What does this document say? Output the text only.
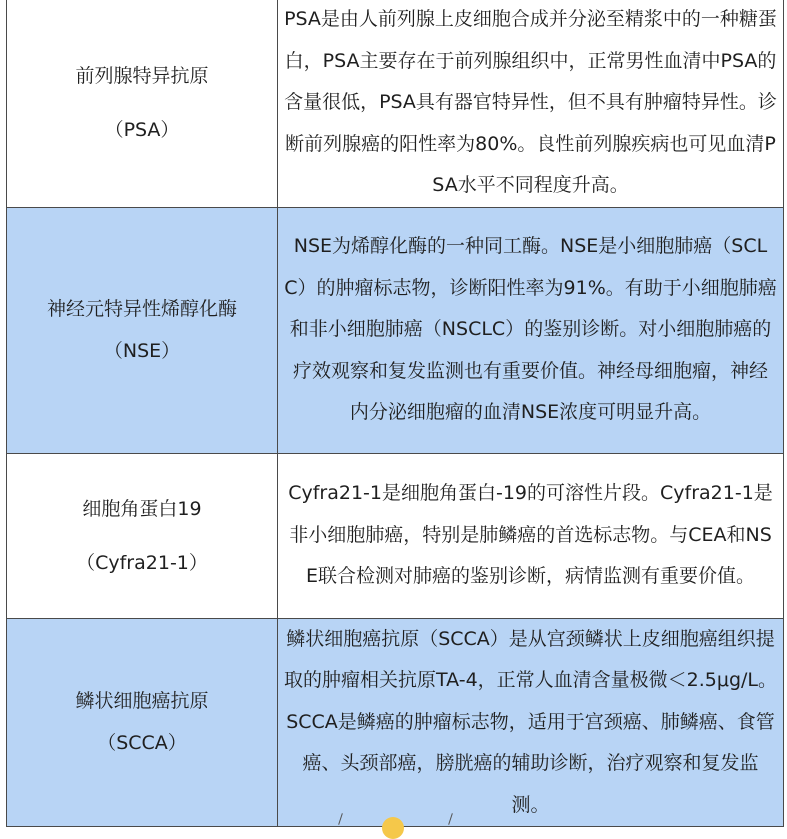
前列腺特异抗原
（PSA）	PSA是由人前列腺上皮细胞合成并分泌至精浆中的一种糖蛋白，PSA主要存在于前列腺组织中，正常男性血清中PSA的含量很低，PSA具有器官特异性，但不具有肿瘤特异性。诊断前列腺癌的阳性率为80%。良性前列腺疾病也可见血清PSA水平不同程度升高。

神经元特异性烯醇化酶
（NSE）	NSE为烯醇化酶的一种同工酶。NSE是小细胞肺癌（SCLC）的肿瘤标志物，诊断阳性率为91%。有助于小细胞肺癌和非小细胞肺癌（NSCLC）的鉴别诊断。对小细胞肺癌的疗效观察和复发监测也有重要价值。神经母细胞瘤，神经内分泌细胞瘤的血清NSE浓度可明显升高。

细胞角蛋白19
（Cyfra21-1）	Cyfra21-1是细胞角蛋白-19的可溶性片段。Cyfra21-1是非小细胞肺癌，特别是肺鳞癌的首选标志物。与CEA和NSE联合检测对肺癌的鉴别诊断，病情监测有重要价值。

鳞状细胞癌抗原
（SCCA）	鳞状细胞癌抗原（SCCA）是从宫颈鳞状上皮细胞癌组织提取的肿瘤相关抗原TA-4，正常人血清含量极微＜2.5μg/L。SCCA是鳞癌的肿瘤标志物，适用于宫颈癌、肺鳞癌、食管癌、头颈部癌，膀胱癌的辅助诊断，治疗观察和复发监测。
